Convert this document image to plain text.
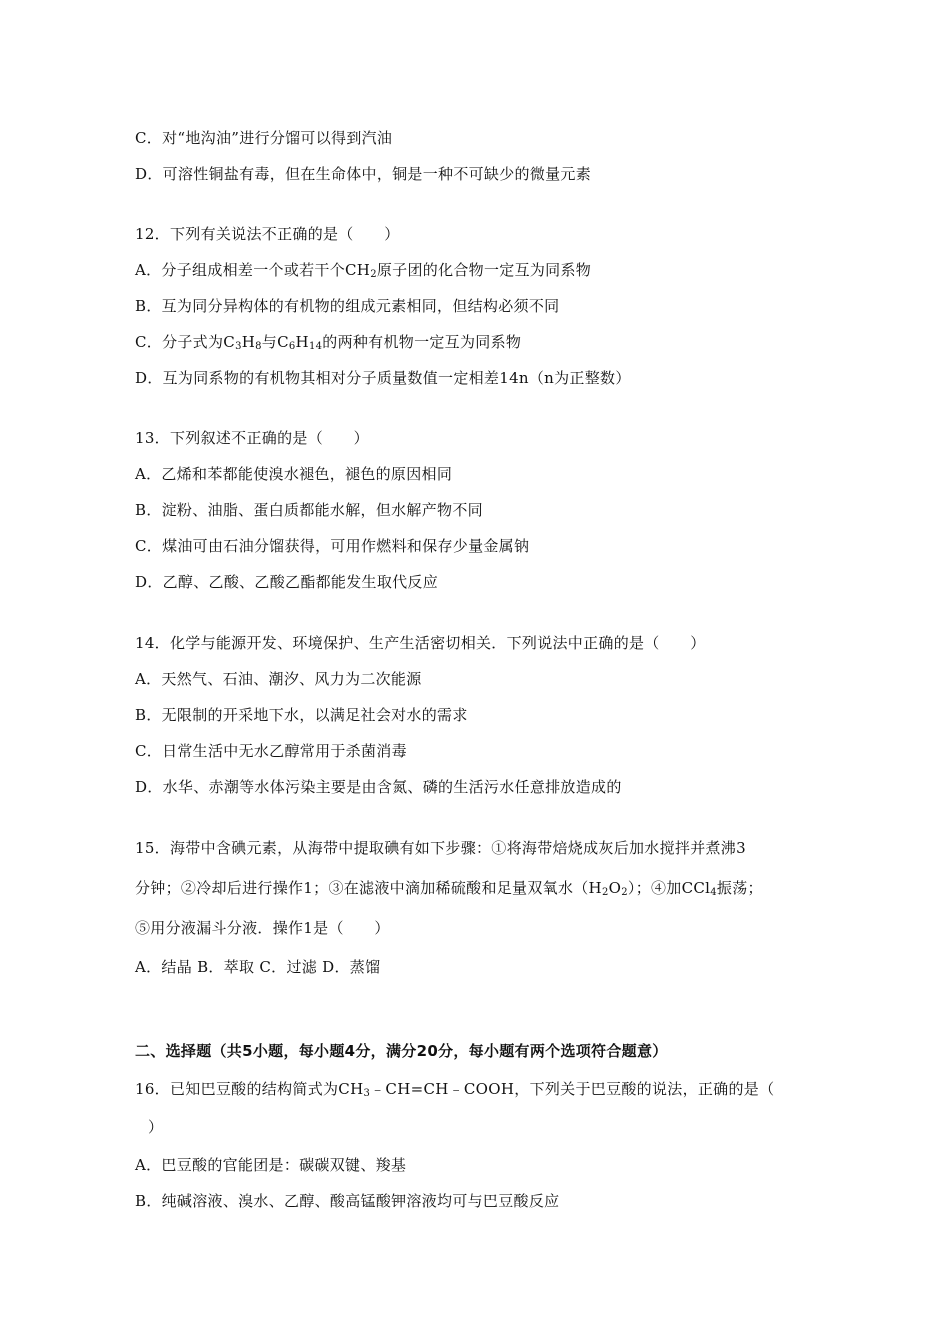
C．对“地沟油”进行分馏可以得到汽油
D．可溶性铜盐有毒，但在生命体中，铜是一种不可缺少的微量元素
12．下列有关说法不正确的是（　　）
A．分子组成相差一个或若干个$CH_2$原子团的化合物一定互为同系物
B．互为同分异构体的有机物的组成元素相同，但结构必须不同
C．分子式为$C_3H_8$与$C_6H_{14}$的两种有机物一定互为同系物
D．互为同系物的有机物其相对分子质量数值一定相差14n（n为正整数）
13．下列叙述不正确的是（　　）
A．乙烯和苯都能使溴水褪色，褪色的原因相同
B．淀粉、油脂、蛋白质都能水解，但水解产物不同
C．煤油可由石油分馏获得，可用作燃料和保存少量金属钠
D．乙醇、乙酸、乙酸乙酯都能发生取代反应
14．化学与能源开发、环境保护、生产生活密切相关．下列说法中正确的是（　　）
A．天然气、石油、潮汐、风力为二次能源
B．无限制的开采地下水，以满足社会对水的需求
C．日常生活中无水乙醇常用于杀菌消毒
D．水华、赤潮等水体污染主要是由含氮、磷的生活污水任意排放造成的
15．海带中含碘元素，从海带中提取碘有如下步骤：①将海带焙烧成灰后加水搅拌并煮沸3
分钟；②冷却后进行操作1；③在滤液中滴加稀硫酸和足量双氧水$(H_2O_2)$；④加CCl$_4$振荡；
⑤用分液漏斗分液．操作1是（　　）
A．结晶 B．萃取 C．过滤 D．蒸馏
二、选择题（共5小题，每小题4分，满分20分，每小题有两个选项符合题意）
16．已知巴豆酸的结构简式为$CH_3﹣CH=CH﹣COOH$，下列关于巴豆酸的说法，正确的是（
）
A．巴豆酸的官能团是：碳碳双键、羧基
B．纯碱溶液、溴水、乙醇、酸高锰酸钾溶液均可与巴豆酸反应
